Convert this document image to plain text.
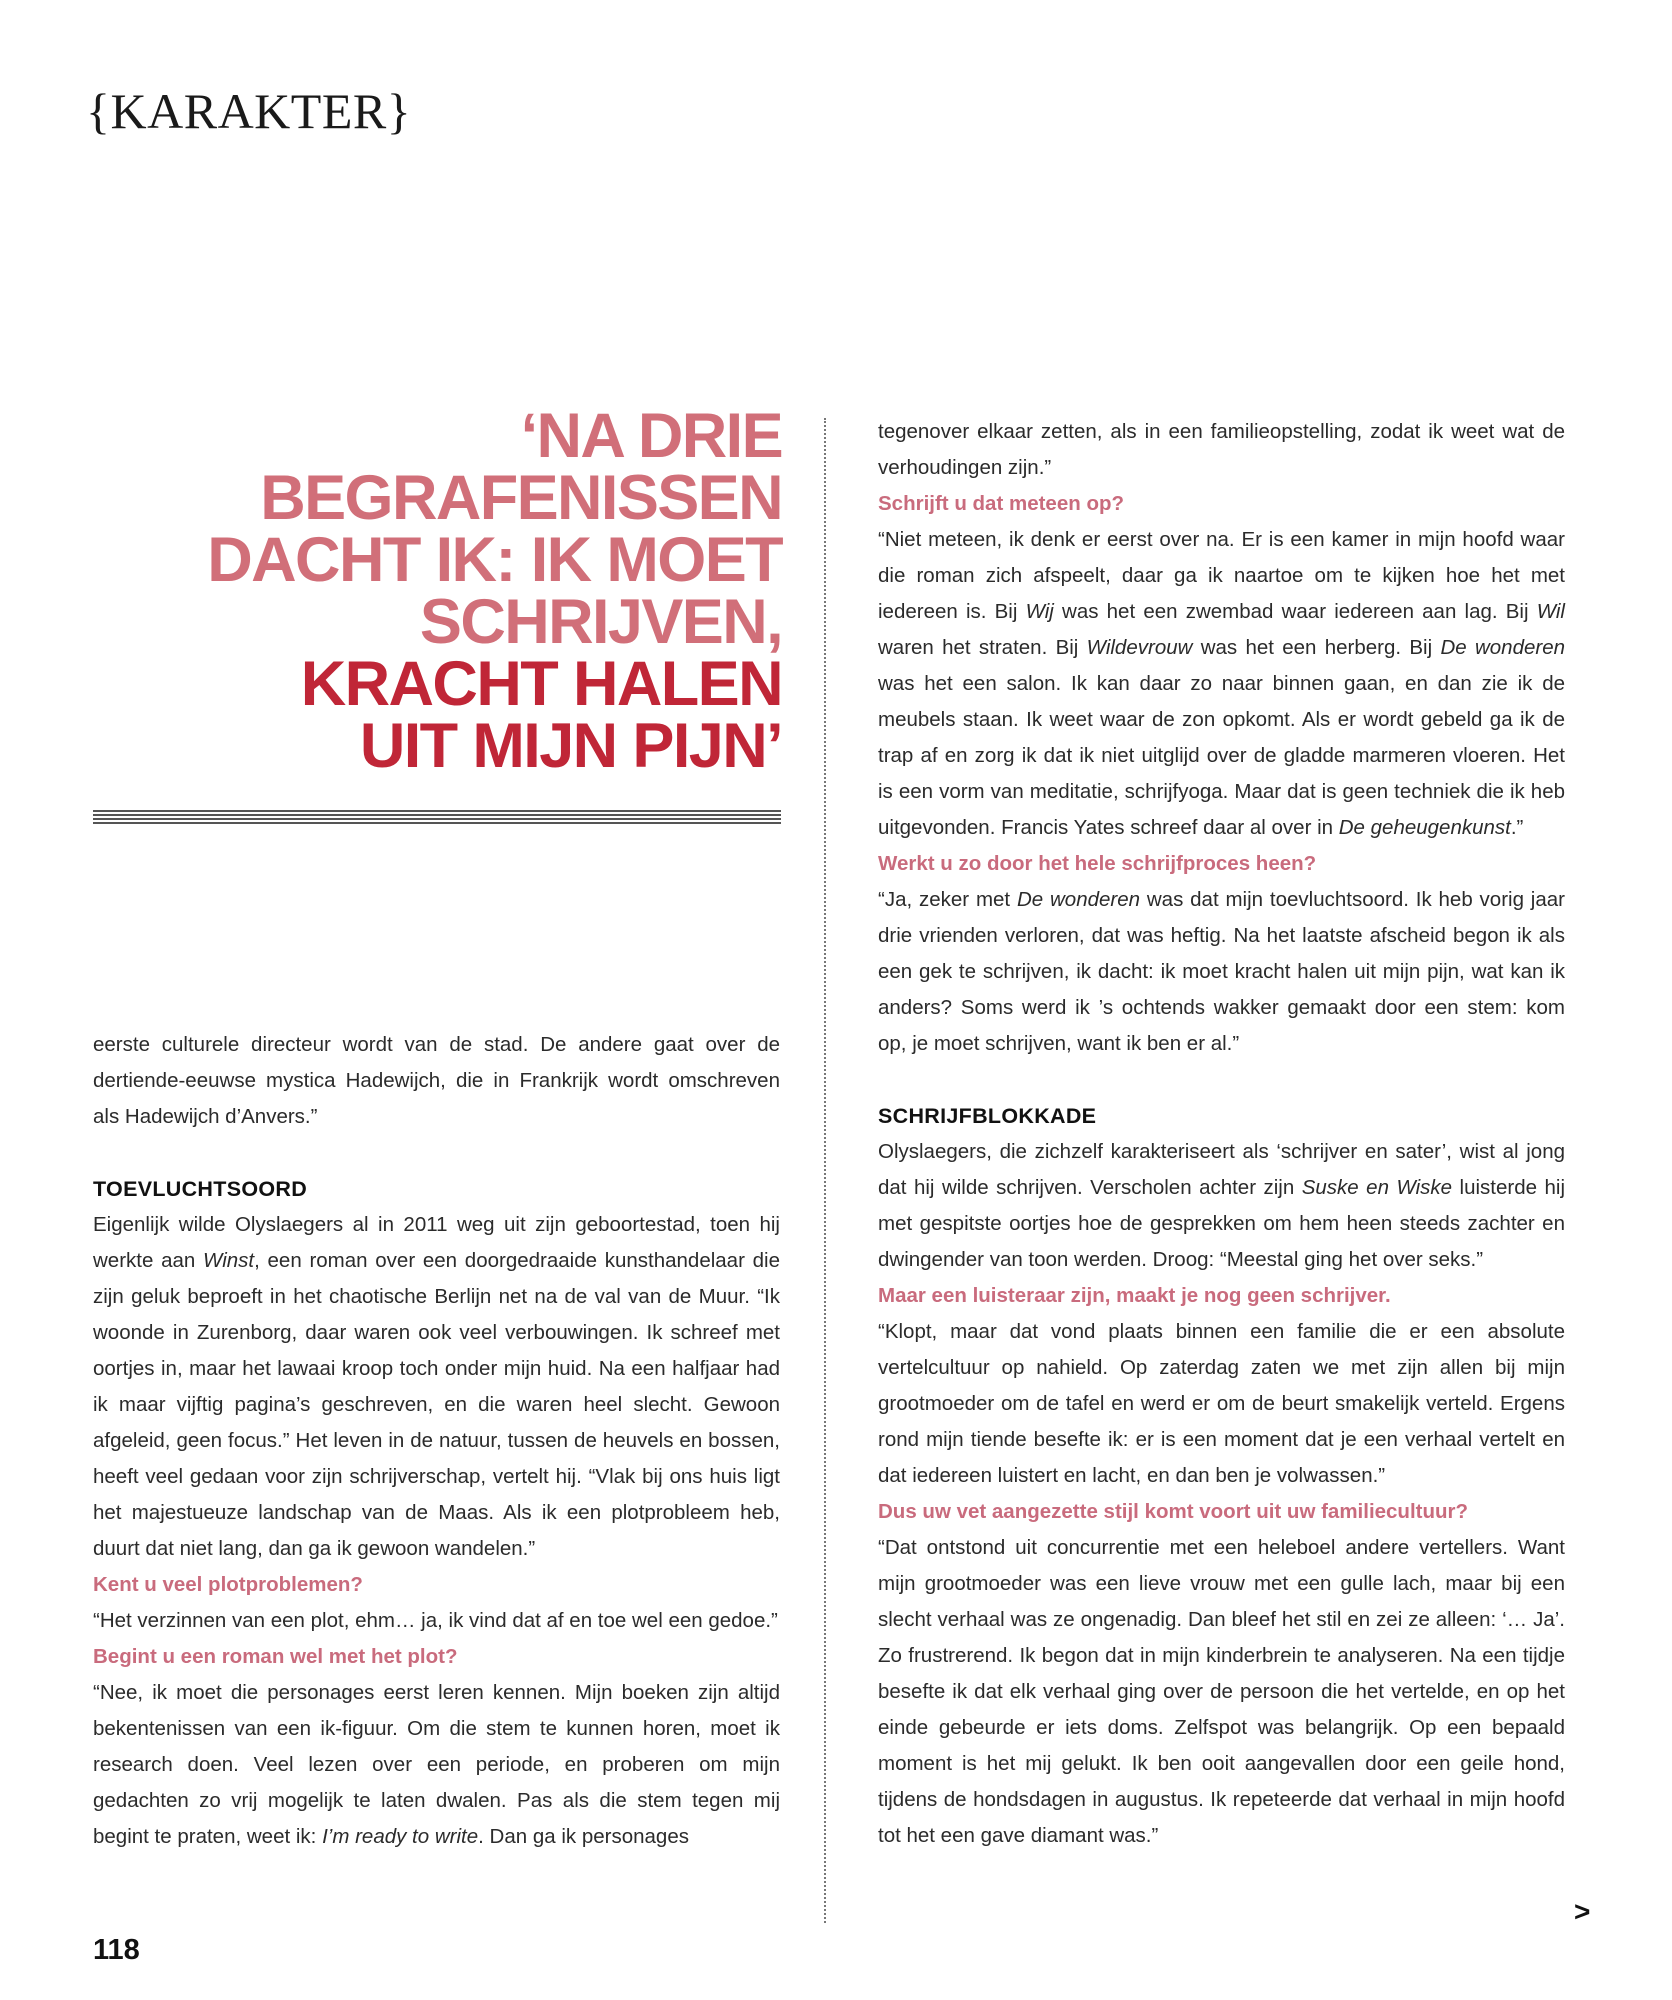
{KARAKTER}
‘NA DRIE
BEGRAFENISSEN
DACHT IK: IK MOET
SCHRIJVEN,
KRACHT HALEN
UIT MIJN PIJN’

eerste culturele directeur wordt van de stad. De andere gaat over de dertiende-eeuwse mystica Hadewijch, die in Frankrijk wordt omschreven als Hadewijch d’Anvers.”

TOEVLUCHTSOORD

Eigenlijk wilde Olyslaegers al in 2011 weg uit zijn geboortestad, toen hij werkte aan Winst, een roman over een doorgedraaide kunsthandelaar die zijn geluk beproeft in het chaotische Berlijn net na de val van de Muur. “Ik woonde in Zurenborg, daar waren ook veel verbouwingen. Ik schreef met oortjes in, maar het lawaai kroop toch onder mijn huid. Na een halfjaar had ik maar vijftig pagina’s geschreven, en die waren heel slecht. Gewoon afgeleid, geen focus.” Het leven in de natuur, tussen de heuvels en bossen, heeft veel gedaan voor zijn schrijverschap, vertelt hij. “Vlak bij ons huis ligt het majestueuze landschap van de Maas. Als ik een plotprobleem heb, duurt dat niet lang, dan ga ik gewoon wandelen.”

Kent u veel plotproblemen?

“Het verzinnen van een plot, ehm… ja, ik vind dat af en toe wel een gedoe.”

Begint u een roman wel met het plot?

“Nee, ik moet die personages eerst leren kennen. Mijn boeken zijn altijd bekentenissen van een ik-figuur. Om die stem te kunnen horen, moet ik research doen. Veel lezen over een periode, en proberen om mijn gedachten zo vrij mogelijk te laten dwalen. Pas als die stem tegen mij begint te praten, weet ik: I’m ready to write. Dan ga ik personages

tegenover elkaar zetten, als in een familieopstelling, zodat ik weet wat de verhoudingen zijn.”

Schrijft u dat meteen op?

“Niet meteen, ik denk er eerst over na. Er is een kamer in mijn hoofd waar die roman zich afspeelt, daar ga ik naartoe om te kijken hoe het met iedereen is. Bij Wij was het een zwembad waar iedereen aan lag. Bij Wil waren het straten. Bij Wildevrouw was het een herberg. Bij De wonderen was het een salon. Ik kan daar zo naar binnen gaan, en dan zie ik de meubels staan. Ik weet waar de zon opkomt. Als er wordt gebeld ga ik de trap af en zorg ik dat ik niet uitglijd over de gladde marmeren vloeren. Het is een vorm van meditatie, schrijfyoga. Maar dat is geen techniek die ik heb uitgevonden. Francis Yates schreef daar al over in De geheugenkunst.”

Werkt u zo door het hele schrijfproces heen?

“Ja, zeker met De wonderen was dat mijn toevluchtsoord. Ik heb vorig jaar drie vrienden verloren, dat was heftig. Na het laatste afscheid begon ik als een gek te schrijven, ik dacht: ik moet kracht halen uit mijn pijn, wat kan ik anders? Soms werd ik ’s ochtends wakker gemaakt door een stem: kom op, je moet schrijven, want ik ben er al.”

SCHRIJFBLOKKADE

Olyslaegers, die zichzelf karakteriseert als ‘schrijver en sater’, wist al jong dat hij wilde schrijven. Verscholen achter zijn Suske en Wiske luisterde hij met gespitste oortjes hoe de gesprekken om hem heen steeds zachter en dwingender van toon werden. Droog: “Meestal ging het over seks.”

Maar een luisteraar zijn, maakt je nog geen schrijver.

“Klopt, maar dat vond plaats binnen een familie die er een absolute vertelcultuur op nahield. Op zaterdag zaten we met zijn allen bij mijn grootmoeder om de tafel en werd er om de beurt smakelijk verteld. Ergens rond mijn tiende besefte ik: er is een moment dat je een verhaal vertelt en dat iedereen luistert en lacht, en dan ben je volwassen.”

Dus uw vet aangezette stijl komt voort uit uw familiecultuur?

“Dat ontstond uit concurrentie met een heleboel andere vertellers. Want mijn grootmoeder was een lieve vrouw met een gulle lach, maar bij een slecht verhaal was ze ongenadig. Dan bleef het stil en zei ze alleen: ‘… Ja’. Zo frustrerend. Ik begon dat in mijn kinderbrein te analyseren. Na een tijdje besefte ik dat elk verhaal ging over de persoon die het vertelde, en op het einde gebeurde er iets doms. Zelfspot was belangrijk. Op een bepaald moment is het mij gelukt. Ik ben ooit aangevallen door een geile hond, tijdens de hondsdagen in augustus. Ik repeteerde dat verhaal in mijn hoofd tot het een gave diamant was.”

118

>
